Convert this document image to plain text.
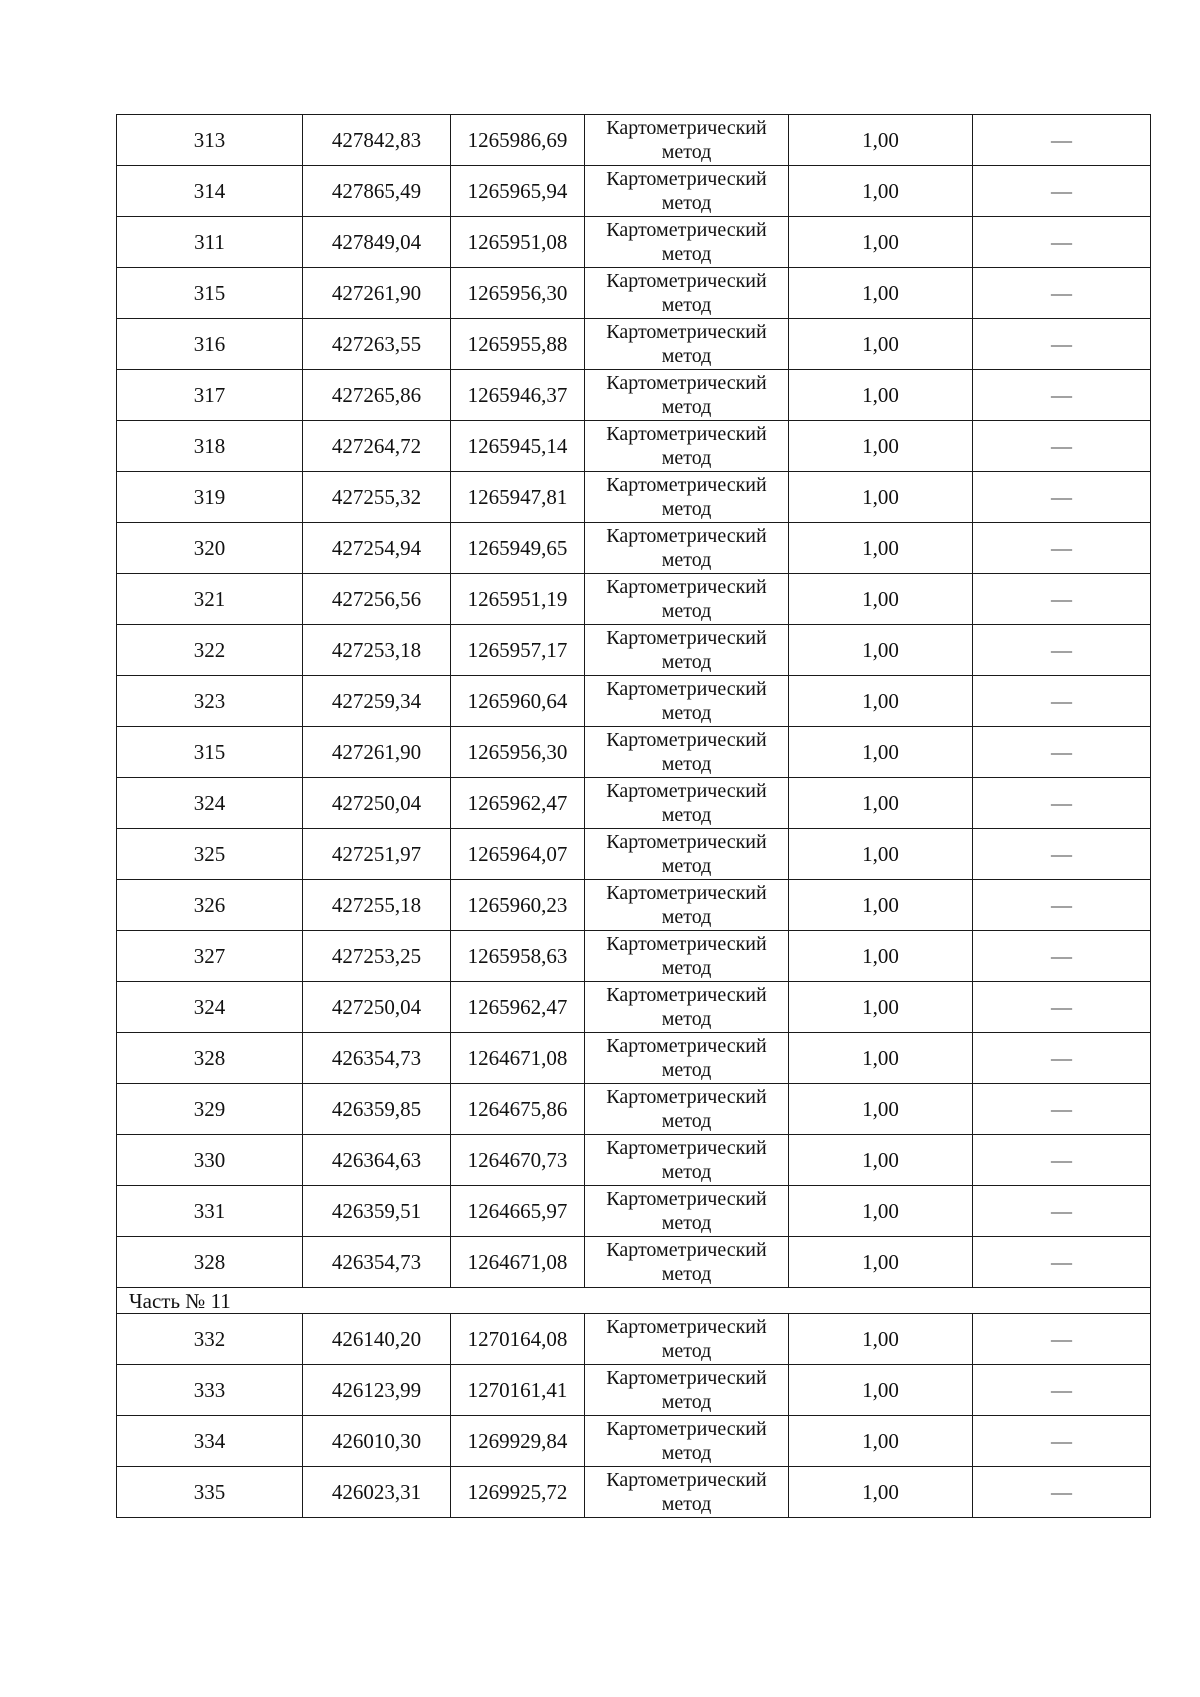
313	427842,83	1265986,69	Картометрический метод	1,00	—
314	427865,49	1265965,94	Картометрический метод	1,00	—
311	427849,04	1265951,08	Картометрический метод	1,00	—
315	427261,90	1265956,30	Картометрический метод	1,00	—
316	427263,55	1265955,88	Картометрический метод	1,00	—
317	427265,86	1265946,37	Картометрический метод	1,00	—
318	427264,72	1265945,14	Картометрический метод	1,00	—
319	427255,32	1265947,81	Картометрический метод	1,00	—
320	427254,94	1265949,65	Картометрический метод	1,00	—
321	427256,56	1265951,19	Картометрический метод	1,00	—
322	427253,18	1265957,17	Картометрический метод	1,00	—
323	427259,34	1265960,64	Картометрический метод	1,00	—
315	427261,90	1265956,30	Картометрический метод	1,00	—
324	427250,04	1265962,47	Картометрический метод	1,00	—
325	427251,97	1265964,07	Картометрический метод	1,00	—
326	427255,18	1265960,23	Картометрический метод	1,00	—
327	427253,25	1265958,63	Картометрический метод	1,00	—
324	427250,04	1265962,47	Картометрический метод	1,00	—
328	426354,73	1264671,08	Картометрический метод	1,00	—
329	426359,85	1264675,86	Картометрический метод	1,00	—
330	426364,63	1264670,73	Картометрический метод	1,00	—
331	426359,51	1264665,97	Картометрический метод	1,00	—
328	426354,73	1264671,08	Картометрический метод	1,00	—
Часть № 11					
332	426140,20	1270164,08	Картометрический метод	1,00	—
333	426123,99	1270161,41	Картометрический метод	1,00	—
334	426010,30	1269929,84	Картометрический метод	1,00	—
335	426023,31	1269925,72	Картометрический метод	1,00	—
